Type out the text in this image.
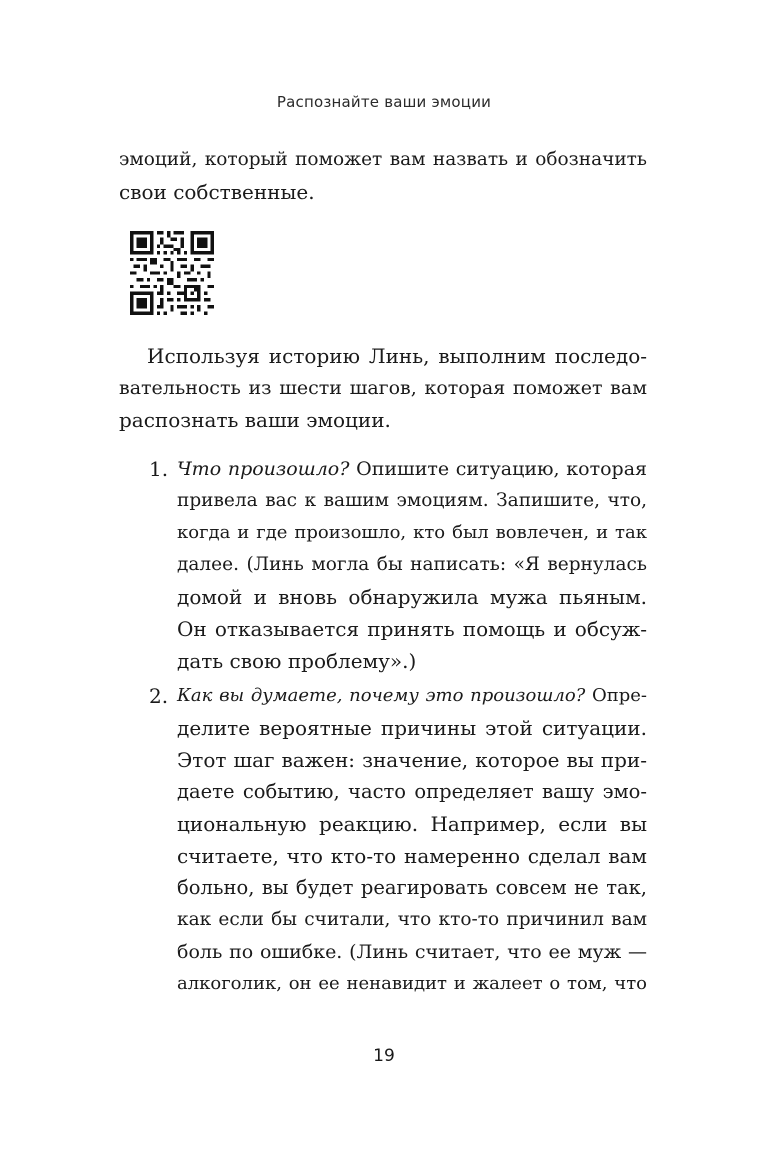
Распознайте ваши эмоции
эмоций, который поможет вам назвать и обозначить
свои собственные.
Используя историю Линь, выполним последо-
вательность из шести шагов, которая поможет вам
распознать ваши эмоции.
1. Что произошло? Опишите ситуацию, которая
привела вас к вашим эмоциям. Запишите, что,
когда и где произошло, кто был вовлечен, и так
далее. (Линь могла бы написать: «Я вернулась
домой и вновь обнаружила мужа пьяным.
Он отказывается принять помощь и обсуж-
дать свою проблему».)
2. Как вы думаете, почему это произошло? Опре-
делите вероятные причины этой ситуации.
Этот шаг важен: значение, которое вы при-
даете событию, часто определяет вашу эмо-
циональную реакцию. Например, если вы
считаете, что кто-то намеренно сделал вам
больно, вы будет реагировать совсем не так,
как если бы считали, что кто-то причинил вам
боль по ошибке. (Линь считает, что ее муж —
алкоголик, он ее ненавидит и жалеет о том, что
19
